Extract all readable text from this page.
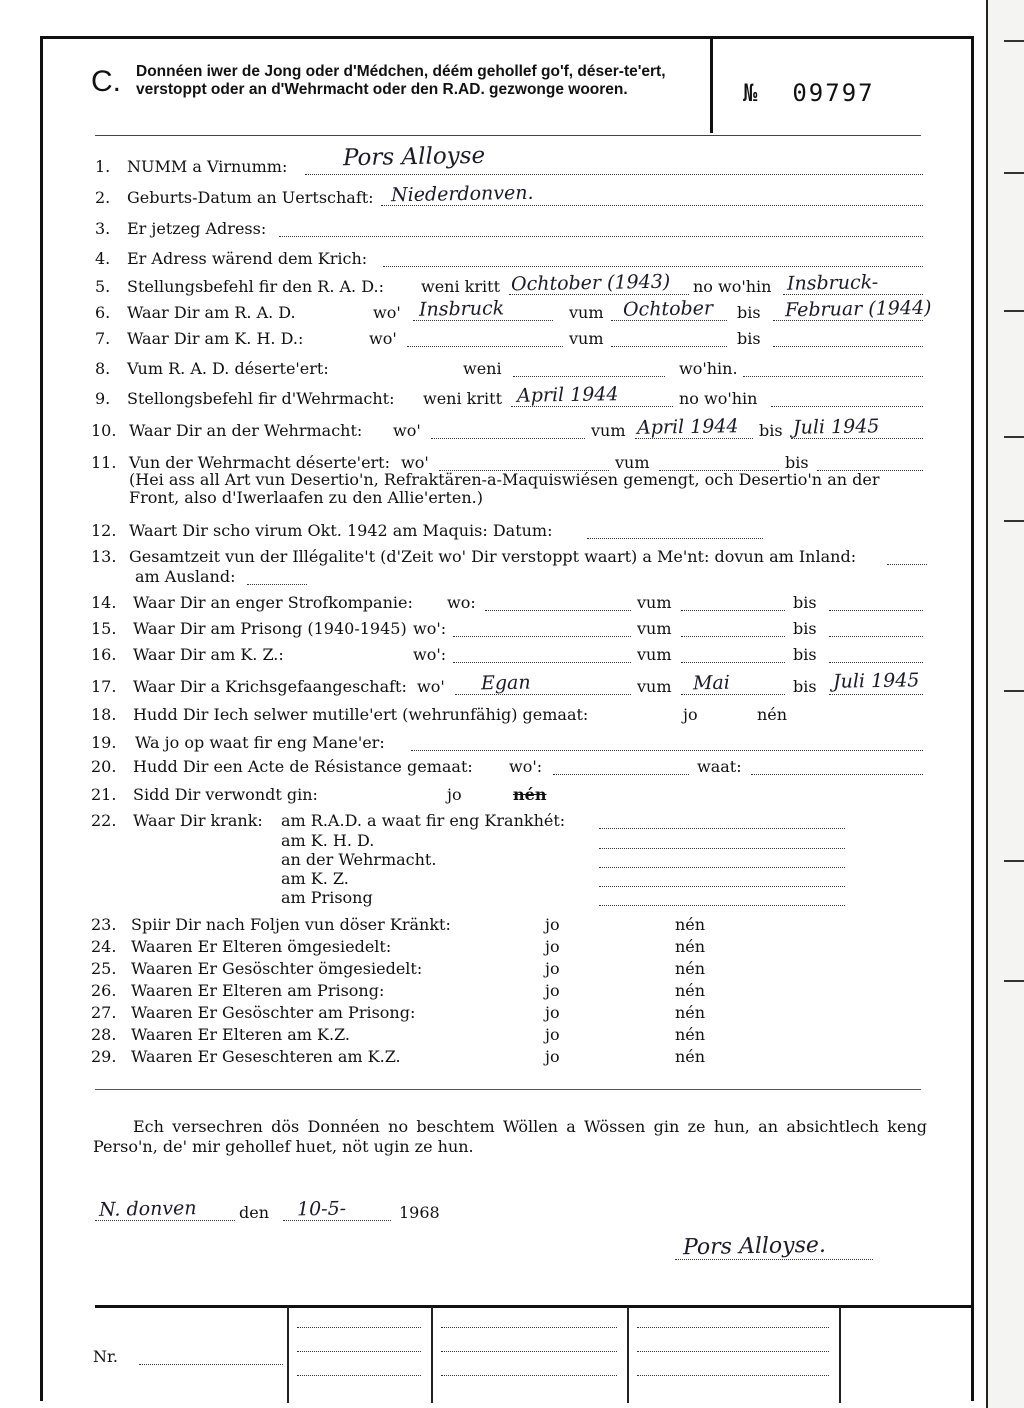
C. Donnéen iwer de Jong oder d'Médchen, déém gehollef go'f, déser-te'ert, verstoppt oder an d'Wehrmacht oder den R.AD. gezwonge wooren.	№ 09797
1. NUMM a Virnumm: Pors Alloyse
2. Geburts-Datum an Uertschaft: Niederdonven.
3. Er jetzeg Adress:
4. Er Adress wärend dem Krich:
5. Stellungsbefehl fir den R. A. D.: weni kritt Ochtober (1943) no wo'hin Insbruck-
6. Waar Dir am R. A. D.	wo' Insbruck	vum Ochtober bis Februar (1944)
7. Waar Dir am K. H. D.:	wo'	vum	bis
8. Vum R. A. D. déserte'ert:	weni	wo'hin.
9. Stellongsbefehl fir d'Wehrmacht: weni kritt April 1944	no wo'hin
10. Waar Dir an der Wehrmacht: wo'	vum April 1944 bis Juli 1945
11. Vun der Wehrmacht déserte'ert: wo'	vum	bis
(Hei ass all Art vun Desertio'n, Refraktären-a-Maquiswiésen gemengt, och Desertio'n an der Front, also d'Iwerlaafen zu den Allie'erten.)
12. Waart Dir scho virum Okt. 1942 am Maquis: Datum:
13. Gesamtzeit vun der Illégalite't (d'Zeit wo' Dir verstoppt waart) a Me'nt: dovun am Inland:
am Ausland:
14. Waar Dir an enger Strofkompanie: wo:	vum	bis
15. Waar Dir am Prisong (1940-1945) wo':	vum	bis
16. Waar Dir am K. Z.:	wo':	vum	bis
17. Waar Dir a Krichsgefaangeschaft: wo' Egan	vum Mai	bis Juli 1945
18. Hudd Dir Iech selwer mutille'ert (wehrunfähig) gemaat:	jo	nén
19. Wa jo op waat fir eng Mane'er:
20. Hudd Dir een Acte de Résistance gemaat: wo':	waat:
21. Sidd Dir verwondt gin:	jo	nén
22. Waar Dir krank: am R.A.D. a waat fir eng Krankhét:
am K. H. D.
an der Wehrmacht.
am K. Z.
am Prisong
23. Spiir Dir nach Foljen vun döser Kränkt:	jo	nén
24. Waaren Er Elteren ömgesiedelt:	jo	nén
25. Waaren Er Gesöschter ömgesiedelt:	jo	nén
26. Waaren Er Elteren am Prisong:	jo	nén
27. Waaren Er Gesöschter am Prisong:	jo	nén
28. Waaren Er Elteren am K.Z.	jo	nén
29. Waaren Er Geseschteren am K.Z.	jo	nén
Ech versechren dös Donnéen no beschtem Wöllen a Wössen gin ze hun, an absichtlech keng Perso'n, de' mir gehollef huet, nöt ugin ze hun.
N. donven	den 10-5-	1968
Pors Alloyse.
Nr.
